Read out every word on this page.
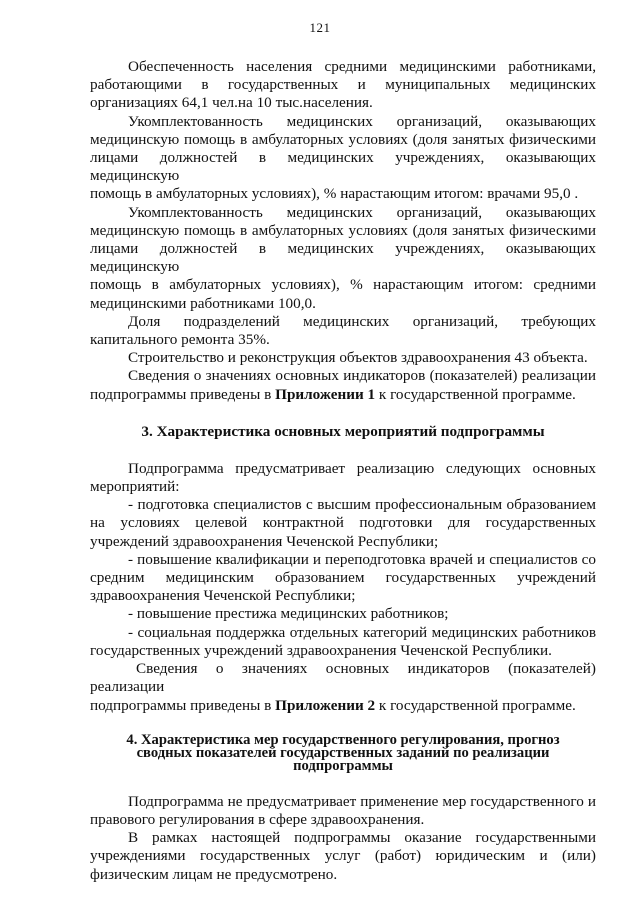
121

Обеспеченность населения средними медицинскими работниками,

работающими в государственных и муниципальных медицинских

организациях 64,1 чел.на 10 тыс.населения.

Укомплектованность медицинских организаций, оказывающих

медицинскую помощь в амбулаторных условиях (доля занятых физическими

лицами должностей в медицинских учреждениях, оказывающих медицинскую

помощь в амбулаторных условиях), % нарастающим итогом: врачами 95,0 .

Укомплектованность медицинских организаций, оказывающих

медицинскую помощь в амбулаторных условиях (доля занятых физическими

лицами должностей в медицинских учреждениях, оказывающих медицинскую

помощь в амбулаторных условиях), % нарастающим итогом: средними

медицинскими работниками 100,0.

Доля подразделений медицинских организаций, требующих

капитального ремонта 35%.

Строительство и реконструкция объектов здравоохранения 43 объекта.

Сведения о значениях основных индикаторов (показателей) реализации

подпрограммы приведены в Приложении 1 к государственной программе.

3. Характеристика основных мероприятий подпрограммы

Подпрограмма предусматривает реализацию следующих основных

мероприятий:

- подготовка специалистов с высшим профессиональным образованием

на условиях целевой контрактной подготовки для государственных

учреждений здравоохранения Чеченской Республики;

- повышение квалификации и переподготовка врачей и специалистов со

средним медицинским образованием государственных учреждений

здравоохранения Чеченской Республики;

- повышение престижа медицинских работников;

- социальная поддержка отдельных категорий медицинских работников

государственных учреждений здравоохранения Чеченской Республики.

Сведения о значениях основных индикаторов (показателей) реализации

подпрограммы приведены в Приложении 2 к государственной программе.

4. Характеристика мер государственного регулирования, прогноз
сводных показателей государственных заданий по реализации
подпрограммы

Подпрограмма не предусматривает применение мер государственного и

правового регулирования в сфере здравоохранения.

В рамках настоящей подпрограммы оказание государственными

учреждениями государственных услуг (работ) юридическим и (или)

физическим лицам не предусмотрено.
